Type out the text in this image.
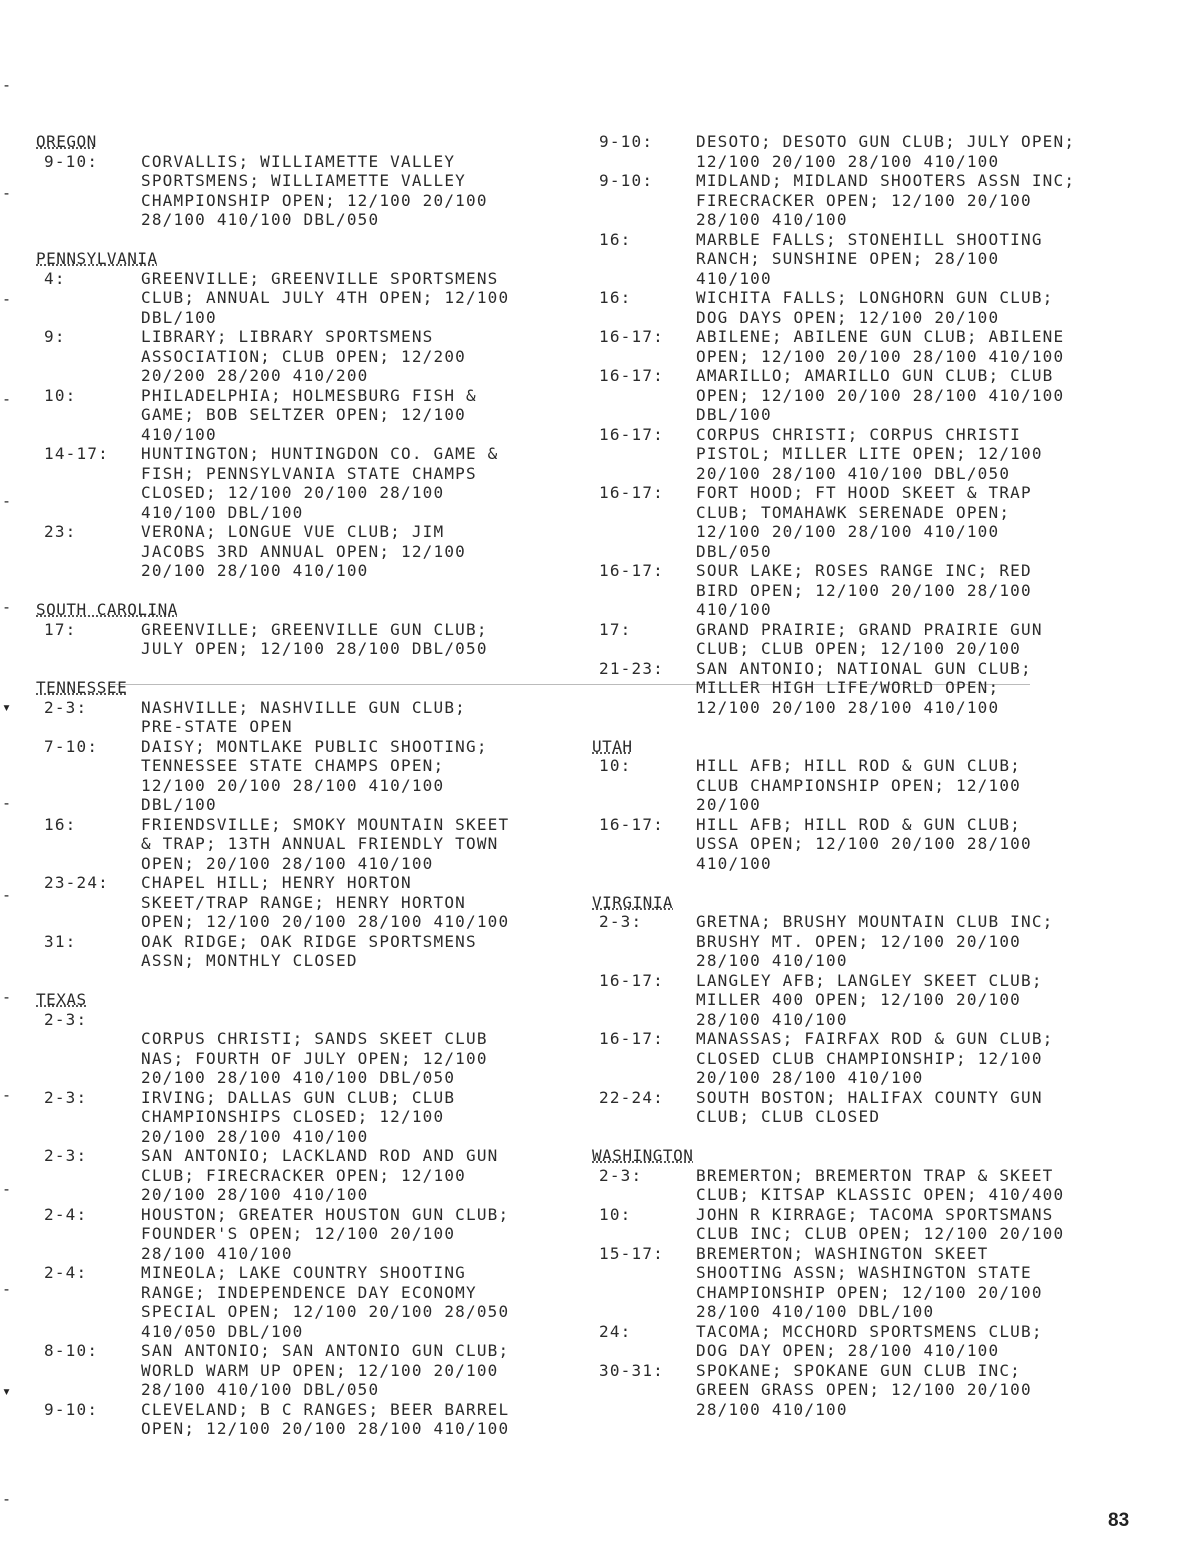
-
-
-
-
-
-
▾
-
-
-
-
-
-
▾
-
OREGON
9-10:	CORVALLIS; WILLIAMETTE VALLEY
SPORTSMENS; WILLIAMETTE VALLEY
CHAMPIONSHIP OPEN; 12/100 20/100
28/100 410/100 DBL/050
PENNSYLVANIA
4:	GREENVILLE; GREENVILLE SPORTSMENS
CLUB; ANNUAL JULY 4TH OPEN; 12/100
DBL/100
9:	LIBRARY; LIBRARY SPORTSMENS
ASSOCIATION; CLUB OPEN; 12/200
20/200 28/200 410/200
10:	PHILADELPHIA; HOLMESBURG FISH &
GAME; BOB SELTZER OPEN; 12/100
410/100
14-17:	HUNTINGTON; HUNTINGDON CO. GAME &
FISH; PENNSYLVANIA STATE CHAMPS
CLOSED; 12/100 20/100 28/100
410/100 DBL/100
23:	VERONA; LONGUE VUE CLUB; JIM
JACOBS 3RD ANNUAL OPEN; 12/100
20/100 28/100 410/100
SOUTH CAROLINA
17:	GREENVILLE; GREENVILLE GUN CLUB;
JULY OPEN; 12/100 28/100 DBL/050
TENNESSEE
2-3:	NASHVILLE; NASHVILLE GUN CLUB;
PRE-STATE OPEN
7-10:	DAISY; MONTLAKE PUBLIC SHOOTING;
TENNESSEE STATE CHAMPS OPEN;
12/100 20/100 28/100 410/100
DBL/100
16:	FRIENDSVILLE; SMOKY MOUNTAIN SKEET
& TRAP; 13TH ANNUAL FRIENDLY TOWN
OPEN; 20/100 28/100 410/100
23-24:	CHAPEL HILL; HENRY HORTON
SKEET/TRAP RANGE; HENRY HORTON
OPEN; 12/100 20/100 28/100 410/100
31:	OAK RIDGE; OAK RIDGE SPORTSMENS
ASSN; MONTHLY CLOSED
TEXAS
2-3:
CORPUS CHRISTI; SANDS SKEET CLUB
NAS; FOURTH OF JULY OPEN; 12/100
20/100 28/100 410/100 DBL/050
2-3:	IRVING; DALLAS GUN CLUB; CLUB
CHAMPIONSHIPS CLOSED; 12/100
20/100 28/100 410/100
2-3:	SAN ANTONIO; LACKLAND ROD AND GUN
CLUB; FIRECRACKER OPEN; 12/100
20/100 28/100 410/100
2-4:	HOUSTON; GREATER HOUSTON GUN CLUB;
FOUNDER'S OPEN; 12/100 20/100
28/100 410/100
2-4:	MINEOLA; LAKE COUNTRY SHOOTING
RANGE; INDEPENDENCE DAY ECONOMY
SPECIAL OPEN; 12/100 20/100 28/050
410/050 DBL/100
8-10:	SAN ANTONIO; SAN ANTONIO GUN CLUB;
WORLD WARM UP OPEN; 12/100 20/100
28/100 410/100 DBL/050
9-10:	CLEVELAND; B C RANGES; BEER BARREL
OPEN; 12/100 20/100 28/100 410/100
9-10:	DESOTO; DESOTO GUN CLUB; JULY OPEN;
12/100 20/100 28/100 410/100
9-10:	MIDLAND; MIDLAND SHOOTERS ASSN INC;
FIRECRACKER OPEN; 12/100 20/100
28/100 410/100
16:	MARBLE FALLS; STONEHILL SHOOTING
RANCH; SUNSHINE OPEN; 28/100
410/100
16:	WICHITA FALLS; LONGHORN GUN CLUB;
DOG DAYS OPEN; 12/100 20/100
16-17:	ABILENE; ABILENE GUN CLUB; ABILENE
OPEN; 12/100 20/100 28/100 410/100
16-17:	AMARILLO; AMARILLO GUN CLUB; CLUB
OPEN; 12/100 20/100 28/100 410/100
DBL/100
16-17:	CORPUS CHRISTI; CORPUS CHRISTI
PISTOL; MILLER LITE OPEN; 12/100
20/100 28/100 410/100 DBL/050
16-17:	FORT HOOD; FT HOOD SKEET & TRAP
CLUB; TOMAHAWK SERENADE OPEN;
12/100 20/100 28/100 410/100
DBL/050
16-17:	SOUR LAKE; ROSES RANGE INC; RED
BIRD OPEN; 12/100 20/100 28/100
410/100
17:	GRAND PRAIRIE; GRAND PRAIRIE GUN
CLUB; CLUB OPEN; 12/100 20/100
21-23:	SAN ANTONIO; NATIONAL GUN CLUB;
MILLER HIGH LIFE/WORLD OPEN;
12/100 20/100 28/100 410/100
UTAH
10:	HILL AFB; HILL ROD & GUN CLUB;
CLUB CHAMPIONSHIP OPEN; 12/100
20/100
16-17:	HILL AFB; HILL ROD & GUN CLUB;
USSA OPEN; 12/100 20/100 28/100
410/100
VIRGINIA
2-3:	GRETNA; BRUSHY MOUNTAIN CLUB INC;
BRUSHY MT. OPEN; 12/100 20/100
28/100 410/100
16-17:	LANGLEY AFB; LANGLEY SKEET CLUB;
MILLER 400 OPEN; 12/100 20/100
28/100 410/100
16-17:	MANASSAS; FAIRFAX ROD & GUN CLUB;
CLOSED CLUB CHAMPIONSHIP; 12/100
20/100 28/100 410/100
22-24:	SOUTH BOSTON; HALIFAX COUNTY GUN
CLUB; CLUB CLOSED
WASHINGTON
2-3:	BREMERTON; BREMERTON TRAP & SKEET
CLUB; KITSAP KLASSIC OPEN; 410/400
10:	JOHN R KIRRAGE; TACOMA SPORTSMANS
CLUB INC; CLUB OPEN; 12/100 20/100
15-17:	BREMERTON; WASHINGTON SKEET
SHOOTING ASSN; WASHINGTON STATE
CHAMPIONSHIP OPEN; 12/100 20/100
28/100 410/100 DBL/100
24:	TACOMA; MCCHORD SPORTSMENS CLUB;
DOG DAY OPEN; 28/100 410/100
30-31:	SPOKANE; SPOKANE GUN CLUB INC;
GREEN GRASS OPEN; 12/100 20/100
28/100 410/100
83
